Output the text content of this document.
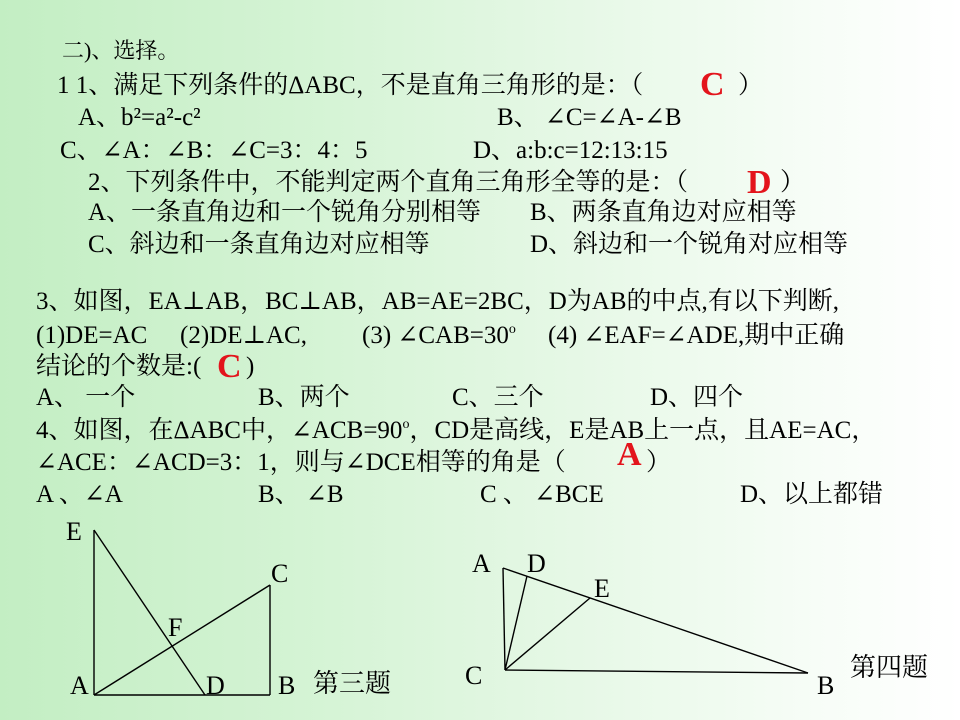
二)、选择。
1 1、满足下列条件的ΔABC，不是直角三角形的是：（ C ）
A、b²=a²-c²	B、 ∠C=∠A-∠B
C、∠A：∠B：∠C=3：4：5	D、a:b:c=12:13:15
2、下列条件中，不能判定两个直角三角形全等的是：（ D ）
A、一条直角边和一个锐角分别相等 B、两条直角边对应相等
C、斜边和一条直角边对应相等	D、斜边和一个锐角对应相等
3、如图，EA⊥AB，BC⊥AB，AB=AE=2BC，D为AB的中点,有以下判断,
(1)DE=AC (2)DE⊥AC, (3) $\angle CAB=30^o$ (4) ∠EAF=∠ADE,期中正确
结论的个数是:( C )
A、 一个	B、两个	C、三个	D、四个
4、如图，在ΔABC中，$\angle ACB=90^o$，CD是高线，E是AB上一点，且AE=AC，
∠ACE：∠ACD=3：1，则与∠DCE相等的角是（ A ）
A 、∠A	B、 ∠B	C 、 ∠BCE	D、以上都错
E
C
F
A	D B 第三题
A D
E
C	B
第四题
